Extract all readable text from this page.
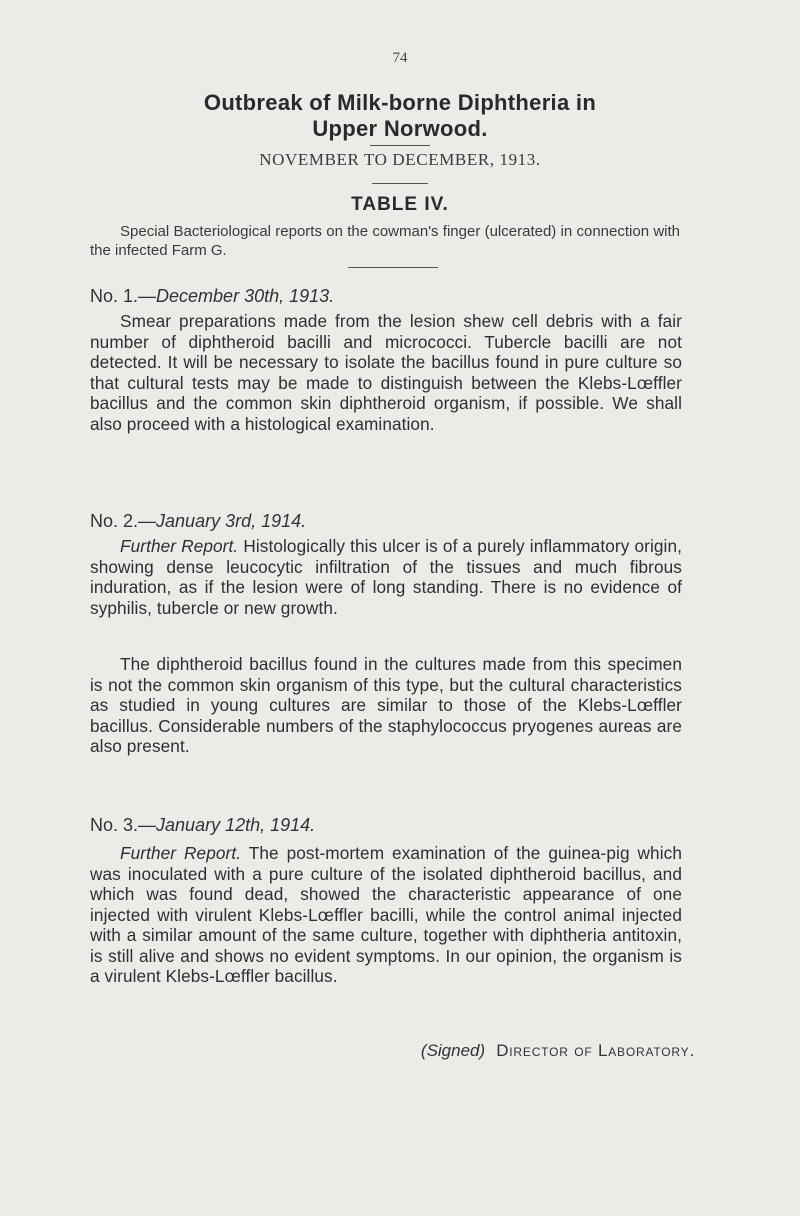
74
Outbreak of Milk-borne Diphtheria in
Upper Norwood.
NOVEMBER TO DECEMBER, 1913.
TABLE IV.

Special Bacteriological reports on the cowman's finger (ulcerated) in connection with the infected Farm G.

No. 1.—December 30th, 1913.

Smear preparations made from the lesion shew cell debris with a fair number of diphtheroid bacilli and micrococci. Tubercle bacilli are not detected. It will be necessary to isolate the bacillus found in pure culture so that cultural tests may be made to distinguish between the Klebs-Lœffler bacillus and the common skin diphtheroid organism, if possible. We shall also proceed with a histological examination.

No. 2.—January 3rd, 1914.

Further Report. Histologically this ulcer is of a purely inflammatory origin, showing dense leucocytic infiltration of the tissues and much fibrous induration, as if the lesion were of long standing. There is no evidence of syphilis, tubercle or new growth.

The diphtheroid bacillus found in the cultures made from this specimen is not the common skin organism of this type, but the cultural characteristics as studied in young cultures are similar to those of the Klebs-Lœffler bacillus. Considerable numbers of the staphylococcus pryogenes aureas are also present.

No. 3.—January 12th, 1914.

Further Report. The post-mortem examination of the guinea-pig which was inoculated with a pure culture of the isolated diphtheroid bacillus, and which was found dead, showed the characteristic appearance of one injected with virulent Klebs-Lœffler bacilli, while the control animal injected with a similar amount of the same culture, together with diphtheria antitoxin, is still alive and shows no evident symptoms. In our opinion, the organism is a virulent Klebs-Lœffler bacillus.

(Signed) Director of Laboratory.
